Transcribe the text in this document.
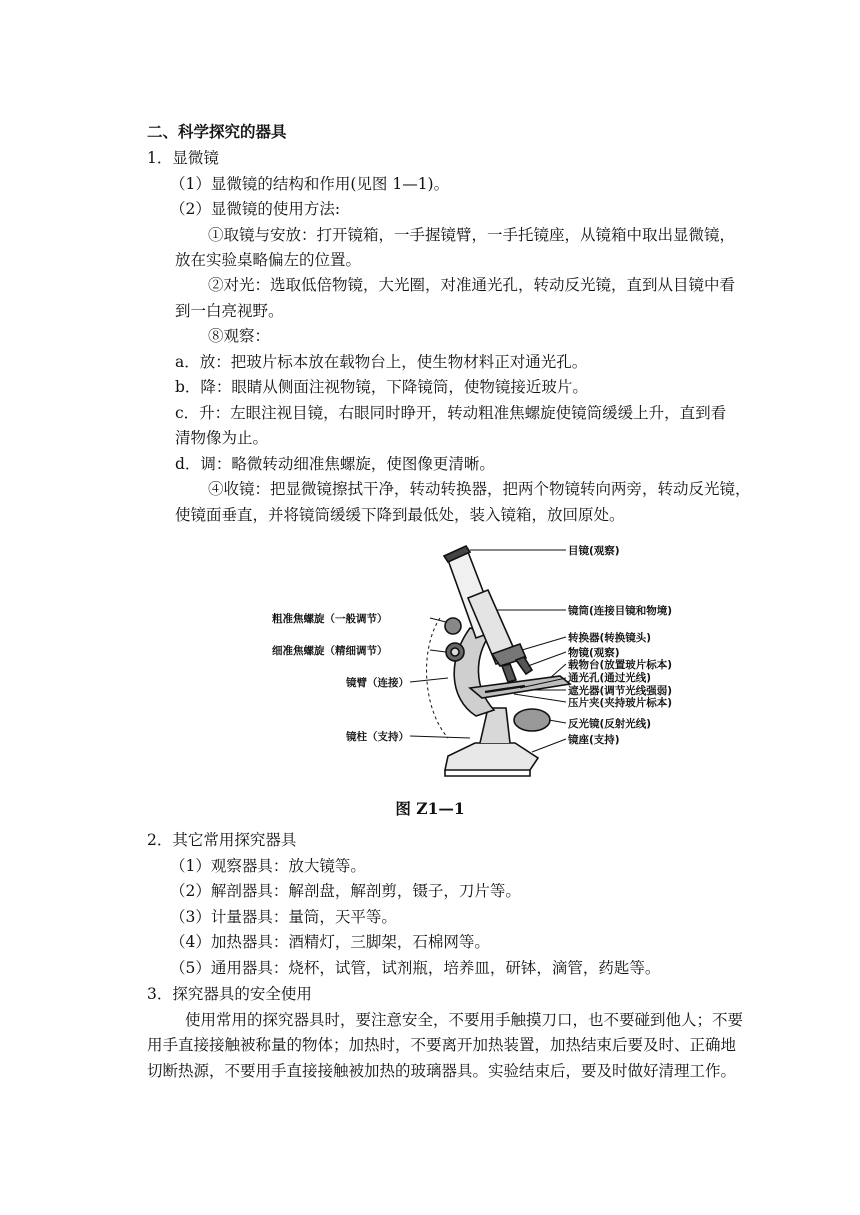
二、科学探究的器具
1．显微镜
（1）显微镜的结构和作用(见图 1—1)。
（2）显微镜的使用方法:
①取镜与安放：打开镜箱，一手握镜臂，一手托镜座，从镜箱中取出显微镜，
放在实验桌略偏左的位置。
②对光：选取低倍物镜，大光圈，对准通光孔，转动反光镜，直到从目镜中看
到一白亮视野。
⑧观察：
a．放：把玻片标本放在载物台上，使生物材料正对通光孔。
b．降：眼睛从侧面注视物镜，下降镜筒，使物镜接近玻片。
c．升：左眼注视目镜，右眼同时睁开，转动粗准焦螺旋使镜筒缓缓上升，直到看
清物像为止。
d．调：略微转动细准焦螺旋，使图像更清晰。
④收镜：把显微镜擦拭干净，转动转换器，把两个物镜转向两旁，转动反光镜，
使镜面垂直，并将镜筒缓缓下降到最低处，装入镜箱，放回原处。
粗准焦螺旋（一般调节）
细准焦螺旋（精细调节）
镜臂（连接）
镜柱（支持）
目镜(观察)
镜筒(连接目镜和物境)
转换器(转换镜头)
物镜(观察)
载物台(放置玻片标本)
通光孔(通过光线)
遮光器(调节光线强弱)
压片夹(夹持玻片标本)
反光镜(反射光线)
镜座(支持)
图 Z1—1
2．其它常用探究器具
（1）观察器具：放大镜等。
（2）解剖器具：解剖盘，解剖剪，镊子，刀片等。
（3）计量器具：量筒，天平等。
（4）加热器具：酒精灯，三脚架，石棉网等。
（5）通用器具：烧杯，试管，试剂瓶，培养皿，研钵，滴管，药匙等。
3．探究器具的安全使用
使用常用的探究器具时，要注意安全，不要用手触摸刀口，也不要碰到他人；不要
用手直接接触被称量的物体；加热时，不要离开加热装置，加热结束后要及时、正确地
切断热源，不要用手直接接触被加热的玻璃器具。实验结束后，要及时做好清理工作。
